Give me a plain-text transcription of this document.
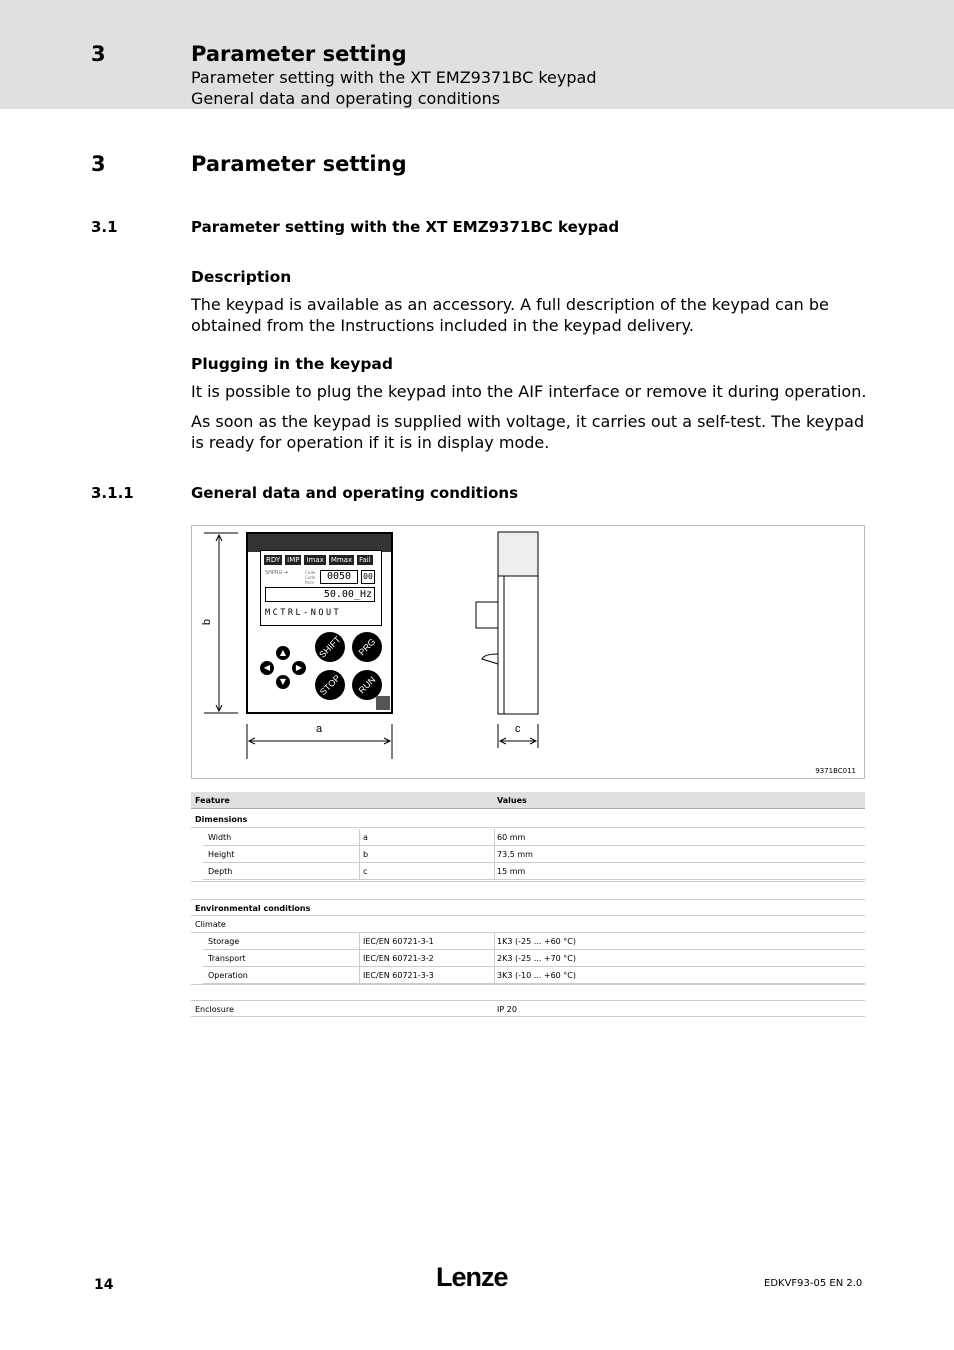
3	Parameter setting
Parameter setting with the XT EMZ9371BC keypad
General data and operating conditions
3	Parameter setting
3.1	Parameter setting with the XT EMZ9371BC keypad
Description
The keypad is available as an accessory. A full description of the keypad can be obtained from the Instructions included in the keypad delivery.
Plugging in the keypad
It is possible to plug the keypad into the AIF interface or remove it during operation.
As soon as the keypad is supplied with voltage, it carries out a self-test. The keypad is ready for operation if it is in display mode.
3.1.1	General data and operating conditions
b
a	c
RDY IMP Imax Mmax Fail
SHPRG ➔	Code
Code
Para
0050	00
50.00_Hz
MCTRL-NOUT
▲
◀	▶
▼
SHIFT	PRG
STOP	RUN
9371BC011
Feature	Values
Dimensions
Width	a	60 mm
Height	b	73.5 mm
Depth	c	15 mm
Environmental conditions
Climate
Storage	IEC/EN 60721-3-1	1K3 (-25 ... +60 °C)
Transport	IEC/EN 60721-3-2	2K3 (-25 ... +70 °C)
Operation	IEC/EN 60721-3-3	3K3 (-10 ... +60 °C)
Enclosure	IP 20
14	Lenze	EDKVF93-05 EN 2.0
